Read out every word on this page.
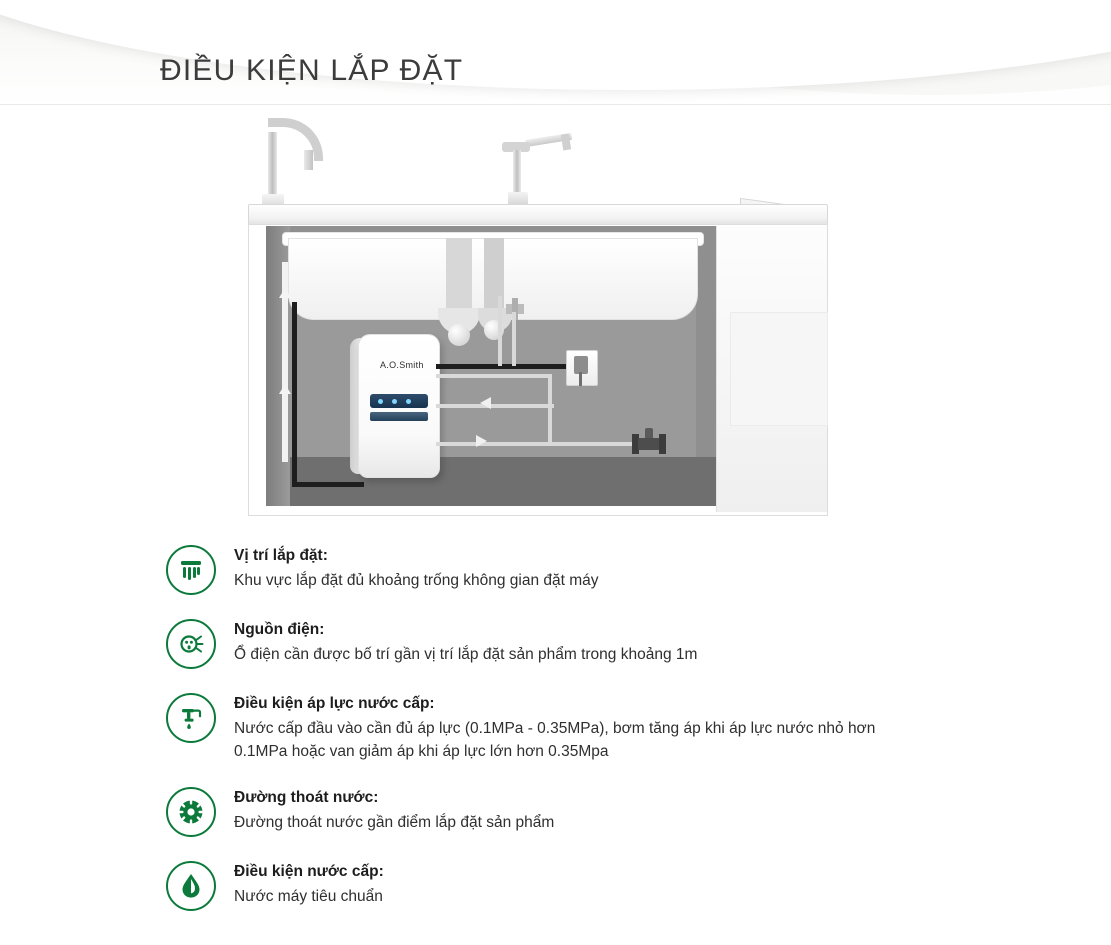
ĐIỀU KIỆN LẮP ĐẶT
A.O.Smith
Vị trí lắp đặt:
Khu vực lắp đặt đủ khoảng trống không gian đặt máy
Nguồn điện:
Ổ điện cần được bố trí gần vị trí lắp đặt sản phẩm trong khoảng 1m
Điều kiện áp lực nước cấp:
Nước cấp đầu vào cần đủ áp lực (0.1MPa - 0.35MPa), bơm tăng áp khi áp lực nước nhỏ hơn
0.1MPa hoặc van giảm áp khi áp lực lớn hơn 0.35Mpa
Đường thoát nước:
Đường thoát nước gần điểm lắp đặt sản phẩm
Điều kiện nước cấp:
Nước máy tiêu chuẩn
